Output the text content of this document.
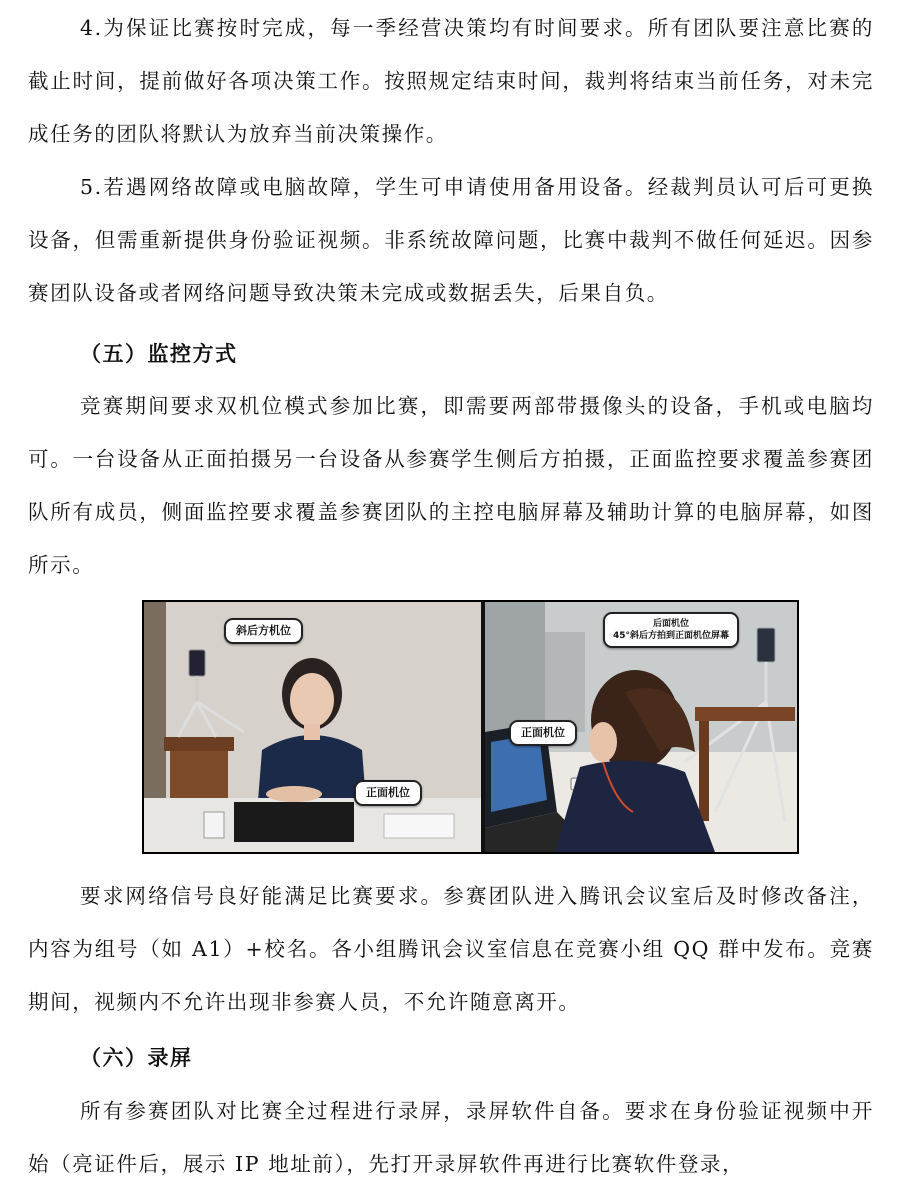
4.为保证比赛按时完成，每一季经营决策均有时间要求。所有团队要注意比赛的截止时间，提前做好各项决策工作。按照规定结束时间，裁判将结束当前任务，对未完成任务的团队将默认为放弃当前决策操作。

5.若遇网络故障或电脑故障，学生可申请使用备用设备。经裁判员认可后可更换设备，但需重新提供身份验证视频。非系统故障问题，比赛中裁判不做任何延迟。因参赛团队设备或者网络问题导致决策未完成或数据丢失，后果自负。

（五）监控方式

竞赛期间要求双机位模式参加比赛，即需要两部带摄像头的设备，手机或电脑均可。一台设备从正面拍摄另一台设备从参赛学生侧后方拍摄，正面监控要求覆盖参赛团队所有成员，侧面监控要求覆盖参赛团队的主控电脑屏幕及辅助计算的电脑屏幕，如图所示。

斜后方机位
正面机位
后面机位
45°斜后方拍到正面机位屏幕
正面机位

要求网络信号良好能满足比赛要求。参赛团队进入腾讯会议室后及时修改备注，内容为组号（如 A1）+校名。各小组腾讯会议室信息在竞赛小组 QQ 群中发布。竞赛期间，视频内不允许出现非参赛人员，不允许随意离开。

（六）录屏

所有参赛团队对比赛全过程进行录屏，录屏软件自备。要求在身份验证视频中开始（亮证件后，展示 IP 地址前），先打开录屏软件再进行比赛软件登录，
